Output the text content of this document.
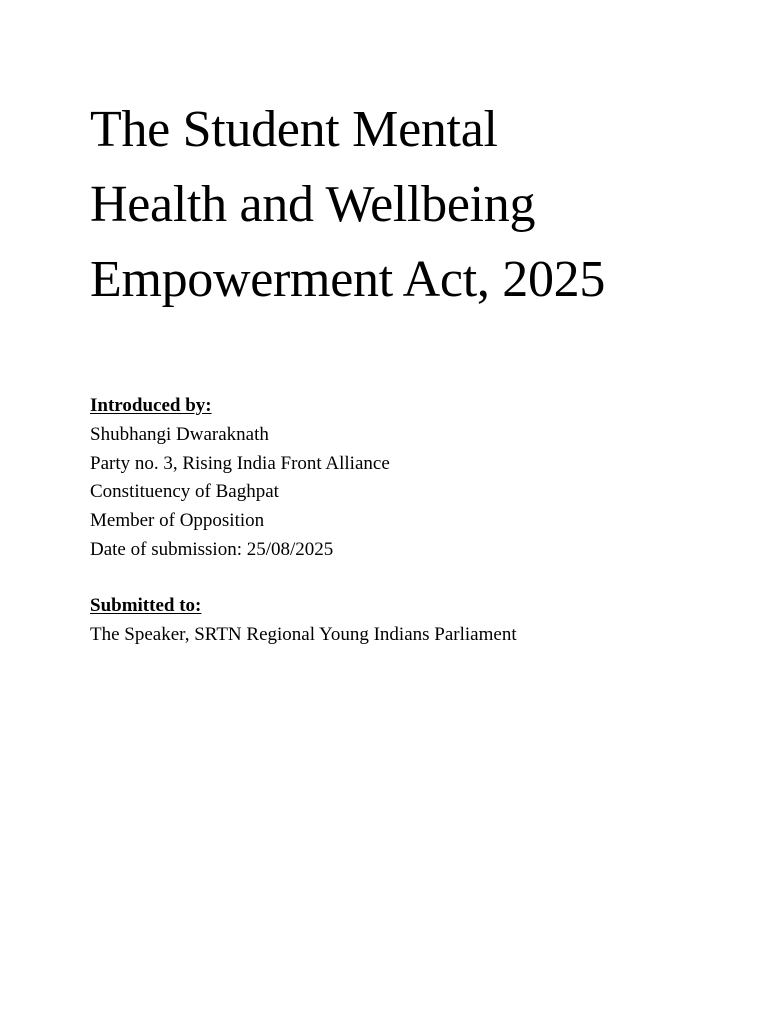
The Student Mental
Health and Wellbeing
Empowerment Act, 2025
Introduced by:
Shubhangi Dwaraknath
Party no. 3, Rising India Front Alliance
Constituency of Baghpat
Member of Opposition
Date of submission: 25/08/2025
Submitted to:
The Speaker, SRTN Regional Young Indians Parliament
